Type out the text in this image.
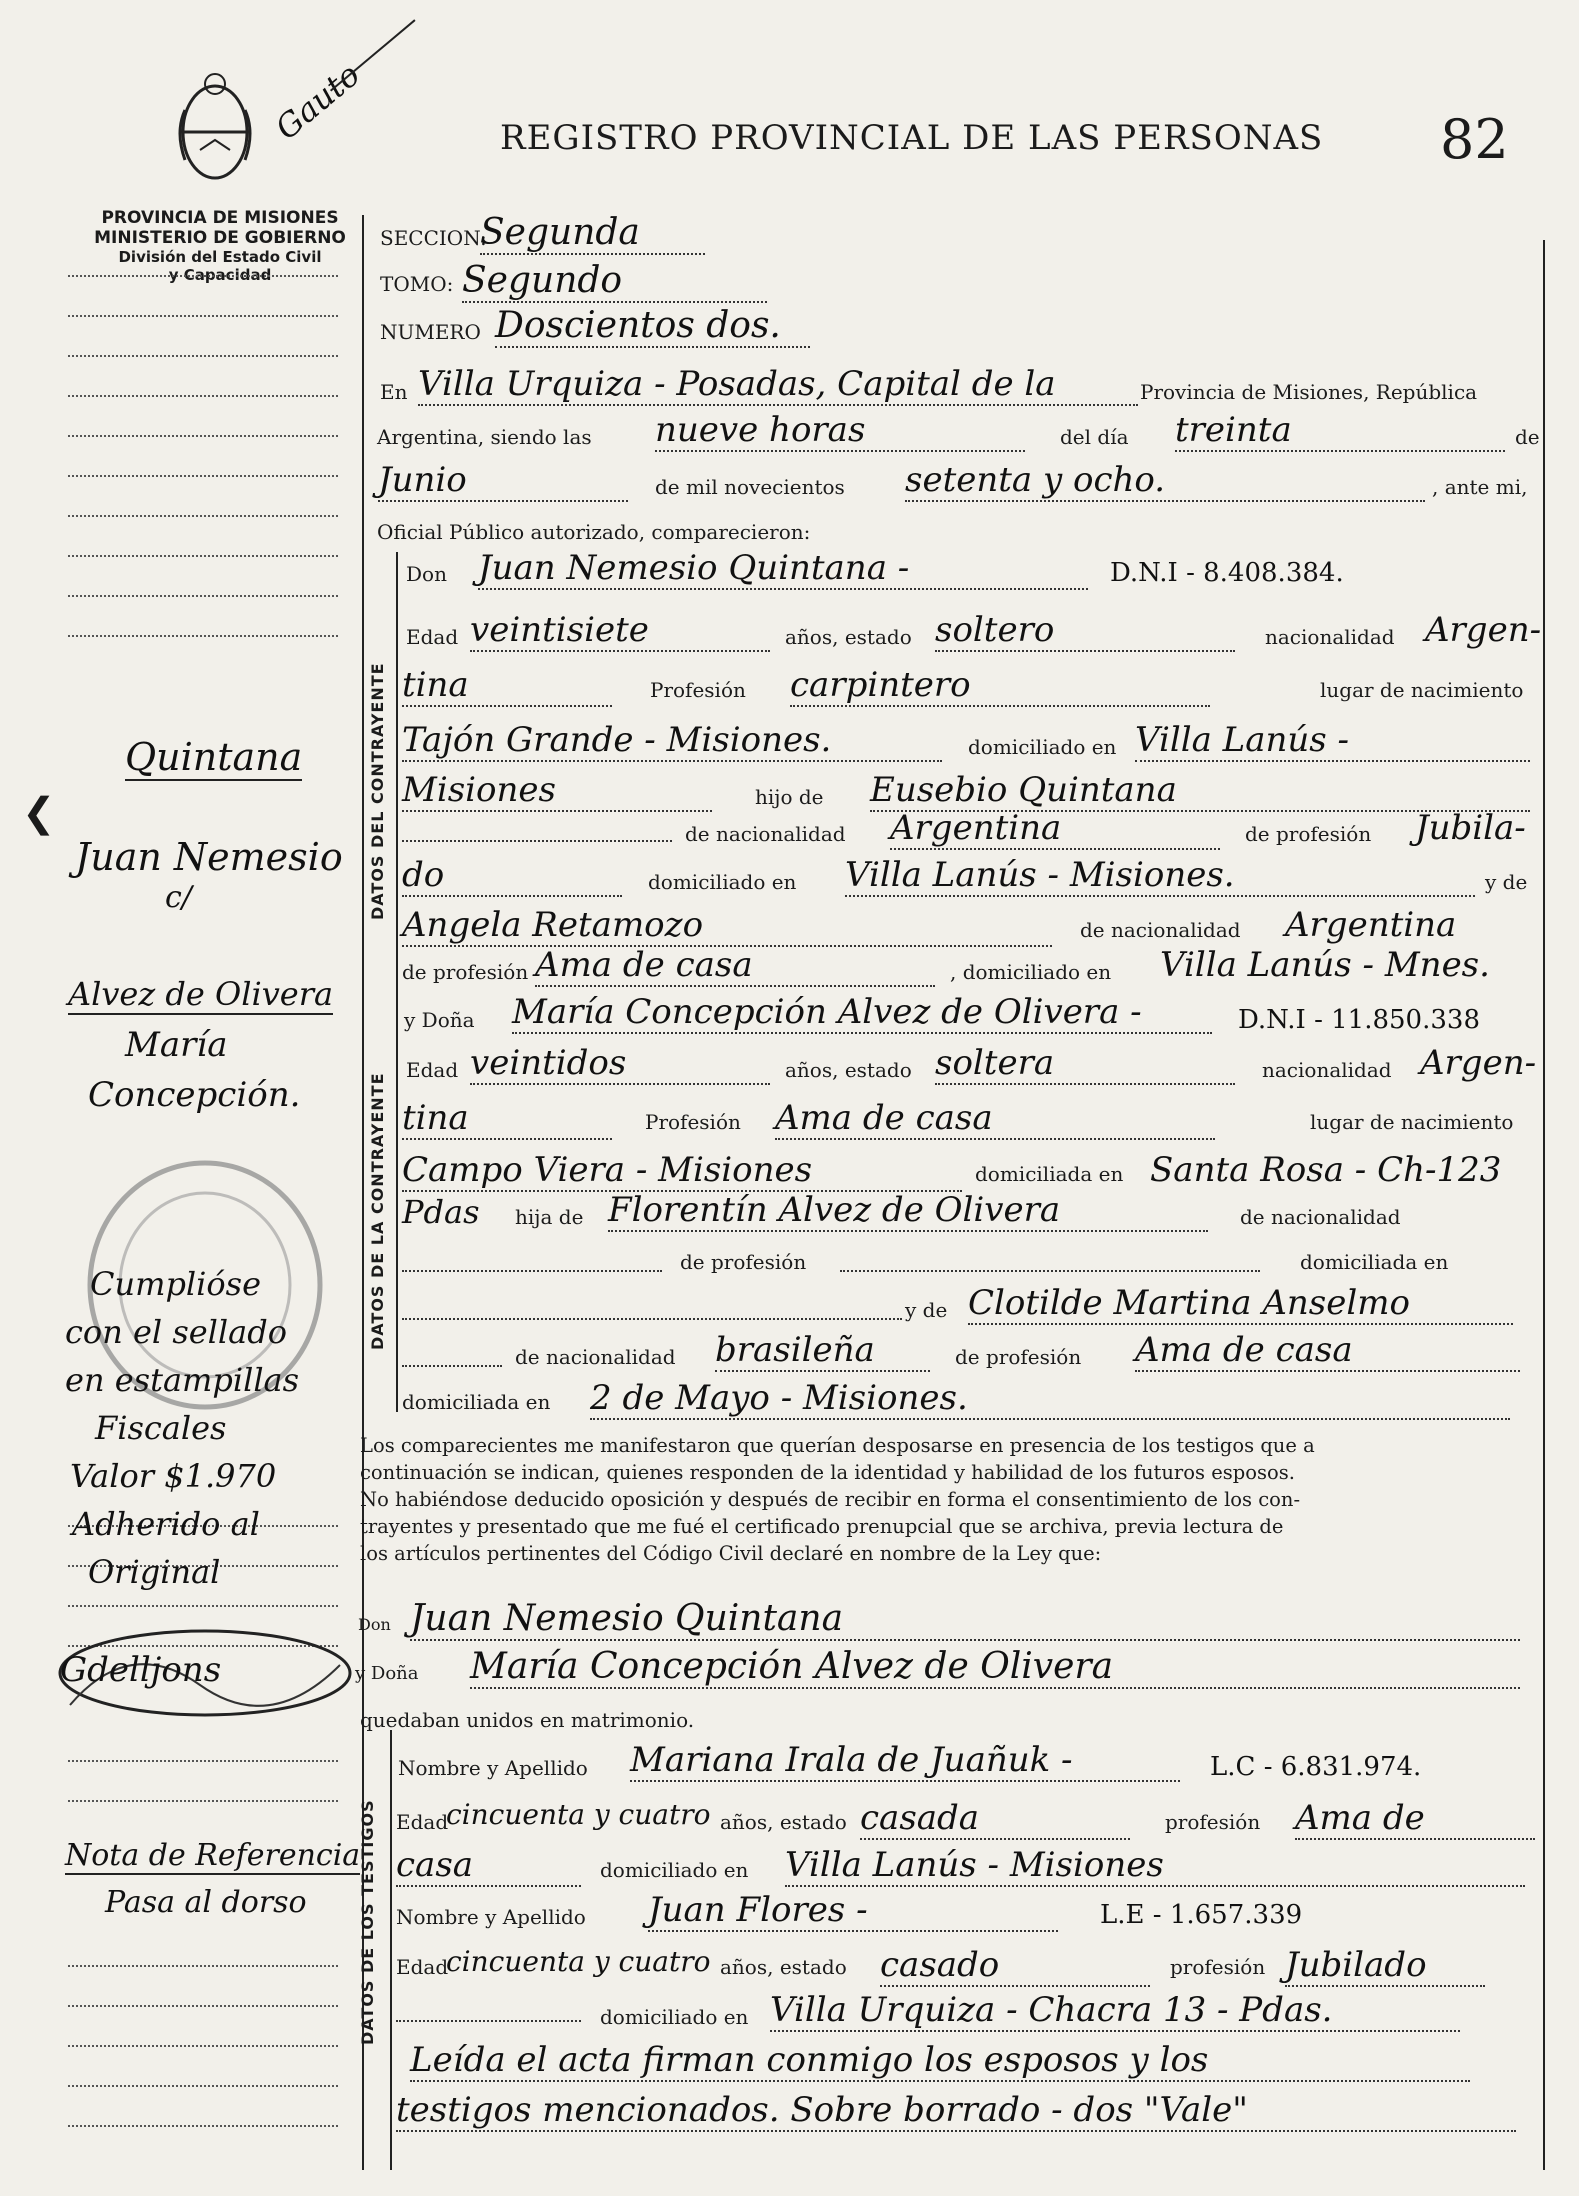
Gauto
PROVINCIA DE MISIONES
MINISTERIO DE GOBIERNO
División del Estado Civil
y Capacidad
REGISTRO PROVINCIAL DE LAS PERSONAS 82
Quintana
❮
Juan Nemesio
c/
Alvez de Olivera
María
Concepción.
Cumplióse
con el sellado
en estampillas
Fiscales
Valor $1.970
Adherido al
Original
Gdelljons
Nota de Referencia
Pasa al dorso
SECCION:
Segunda
TOMO: Segundo
NUMERO Doscientos dos.
En Villa Urquiza - Posadas, Capital de la	Provincia de Misiones, República
Argentina, siendo las nueve horas	del día treinta	de
Junio	de mil novecientos setenta y ocho.	, ante mi,
Oficial Público autorizado, comparecieron:
DATOS DEL CONTRAYENTE
Don Juan Nemesio Quintana -	D.N.I - 8.408.384.
Edad veintisiete	años, estado soltero	nacionalidad Argen-
tina	Profesión carpintero	lugar de nacimiento
Tajón Grande - Misiones.	domiciliado en Villa Lanús -
Misiones	hijo de Eusebio Quintana
de nacionalidad Argentina	de profesión Jubila-
do	domiciliado en Villa Lanús - Misiones.	y de
Angela Retamozo	de nacionalidad Argentina
de profesión Ama de casa	, domiciliado en Villa Lanús - Mnes.
DATOS DE LA CONTRAYENTE
y Doña María Concepción Alvez de Olivera -	D.N.I - 11.850.338
Edad veintidos	años, estado soltera	nacionalidad Argen-
tina	Profesión Ama de casa	lugar de nacimiento
Campo Viera - Misiones	domiciliada en Santa Rosa - Ch-123
Pdas hija de Florentín Alvez de Olivera	de nacionalidad
de profesión	domiciliada en
y de Clotilde Martina Anselmo
de nacionalidad brasileña	de profesión Ama de casa
domiciliada en 2 de Mayo - Misiones.
Los comparecientes me manifestaron que querían desposarse en presencia de los testigos que a
continuación se indican, quienes responden de la identidad y habilidad de los futuros esposos.
No habiéndose deducido oposición y después de recibir en forma el consentimiento de los con-
trayentes y presentado que me fué el certificado prenupcial que se archiva, previa lectura de
los artículos pertinentes del Código Civil declaré en nombre de la Ley que:
Don Juan Nemesio Quintana
y Doña María Concepción Alvez de Olivera
quedaban unidos en matrimonio.
DATOS DE LOS TESTIGOS
Nombre y Apellido Mariana Irala de Juañuk -	L.C - 6.831.974.
Edad
cincuenta y cuatro años, estado casada	profesión Ama de
casa	domiciliado en Villa Lanús - Misiones
Nombre y Apellido Juan Flores -	L.E - 1.657.339
Edad
cincuenta y cuatro años, estado casado	profesión Jubilado
domiciliado en Villa Urquiza - Chacra 13 - Pdas.
Leída el acta firman conmigo los esposos y los
testigos mencionados. Sobre borrado - dos "Vale"
